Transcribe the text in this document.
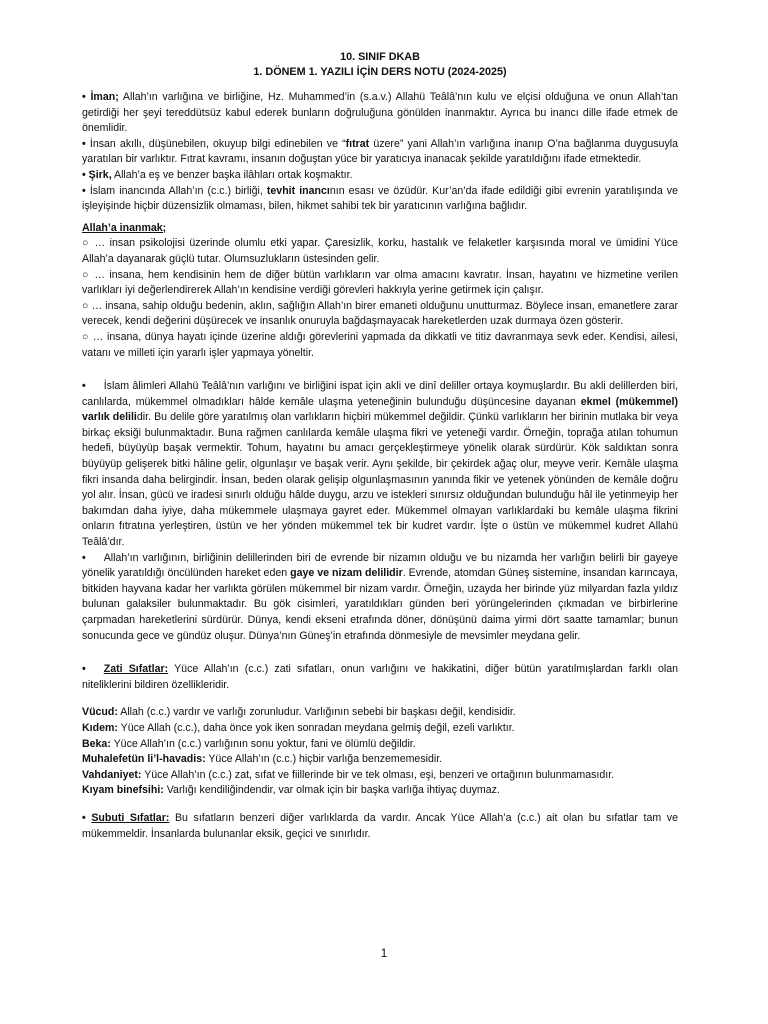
10. SINIF DKAB
1. DÖNEM 1. YAZILI İÇİN DERS NOTU (2024-2025)

• İman; Allah’ın varlığına ve birliğine, Hz. Muhammed’in (s.a.v.) Allahü Teâlâ’nın kulu ve elçisi olduğuna ve onun Allah’tan getirdiği her şeyi tereddütsüz kabul ederek bunların doğruluğuna gönülden inanmaktır. Ayrıca bu inancı dille ifade etmek de önemlidir.

• İnsan akıllı, düşünebilen, okuyup bilgi edinebilen ve “fıtrat üzere” yani Allah’ın varlığına inanıp O’na bağlanma duygusuyla yaratılan bir varlıktır. Fıtrat kavramı, insanın doğuştan yüce bir yaratıcıya inanacak şekilde yaratıldığını ifade etmektedir.

• Şirk, Allah’a eş ve benzer başka ilâhları ortak koşmaktır.

• İslam inancında Allah’ın (c.c.) birliği, tevhit inancının esası ve özüdür. Kur’an’da ifade edildiği gibi evrenin yaratılışında ve işleyişinde hiçbir düzensizlik olmaması, bilen, hikmet sahibi tek bir yaratıcının varlığına bağlıdır.

Allah’a inanmak;

○ … insan psikolojisi üzerinde olumlu etki yapar. Çaresizlik, korku, hastalık ve felaketler karşısında moral ve ümidini Yüce Allah’a dayanarak güçlü tutar. Olumsuzlukların üstesinden gelir.

○ … insana, hem kendisinin hem de diğer bütün varlıkların var olma amacını kavratır. İnsan, hayatını ve hizmetine verilen varlıkları iyi değerlendirerek Allah’ın kendisine verdiği görevleri hakkıyla yerine getirmek için çalışır.

○ … insana, sahip olduğu bedenin, aklın, sağlığın Allah’ın birer emaneti olduğunu unutturmaz. Böylece insan, emanetlere zarar verecek, kendi değerini düşürecek ve insanlık onuruyla bağdaşmayacak hareketlerden uzak durmaya özen gösterir.

○ … insana, dünya hayatı içinde üzerine aldığı görevlerini yapmada da dikkatli ve titiz davranmaya sevk eder. Kendisi, ailesi, vatanı ve milleti için yararlı işler yapmaya yöneltir.

• İslam âlimleri Allahü Teâlâ’nın varlığını ve birliğini ispat için akli ve dinî deliller ortaya koymuşlardır. Bu akli delillerden biri, canlılarda, mükemmel olmadıkları hâlde kemâle ulaşma yeteneğinin bulunduğu düşüncesine dayanan ekmel (mükemmel) varlık delilidir. Bu delile göre yaratılmış olan varlıkların hiçbiri mükemmel değildir. Çünkü varlıkların her birinin mutlaka bir veya birkaç eksiği bulunmaktadır. Buna rağmen canlılarda kemâle ulaşma fikri ve yeteneği vardır. Örneğin, toprağa atılan tohumun hedefi, büyüyüp başak vermektir. Tohum, hayatını bu amacı gerçekleştirmeye yönelik olarak sürdürür. Kök saldıktan sonra büyüyüp gelişerek bitki hâline gelir, olgunlaşır ve başak verir. Aynı şekilde, bir çekirdek ağaç olur, meyve verir. Kemâle ulaşma fikri insanda daha belirgindir. İnsan, beden olarak gelişip olgunlaşmasının yanında fikir ve yetenek yönünden de kemâle doğru yol alır. İnsan, gücü ve iradesi sınırlı olduğu hâlde duygu, arzu ve istekleri sınırsız olduğundan bulunduğu hâl ile yetinmeyip her bakımdan daha iyiye, daha mükemmele ulaşmaya gayret eder. Mükemmel olmayan varlıklardaki bu kemâle ulaşma fikrini onların fıtratına yerleştiren, üstün ve her yönden mükemmel tek bir kudret vardır. İşte o üstün ve mükemmel kudret Allahü Teâlâ’dır.

• Allah’ın varlığının, birliğinin delillerinden biri de evrende bir nizamın olduğu ve bu nizamda her varlığın belirli bir gayeye yönelik yaratıldığı öncülünden hareket eden gaye ve nizam delilidir. Evrende, atomdan Güneş sistemine, insandan karıncaya, bitkiden hayvana kadar her varlıkta görülen mükemmel bir nizam vardır. Örneğin, uzayda her birinde yüz milyardan fazla yıldız bulunan galaksiler bulunmaktadır. Bu gök cisimleri, yaratıldıkları günden beri yörüngelerinden çıkmadan ve birbirlerine çarpmadan hareketlerini sürdürür. Dünya, kendi ekseni etrafında döner, dönüşünü daima yirmi dört saatte tamamlar; bunun sonucunda gece ve gündüz oluşur. Dünya’nın Güneş’in etrafında dönmesiyle de mevsimler meydana gelir.

• Zati Sıfatlar: Yüce Allah’ın (c.c.) zati sıfatları, onun varlığını ve hakikatini, diğer bütün yaratılmışlardan farklı olan niteliklerini bildiren özellikleridir.

Vücud: Allah (c.c.) vardır ve varlığı zorunludur. Varlığının sebebi bir başkası değil, kendisidir.

Kıdem: Yüce Allah (c.c.), daha önce yok iken sonradan meydana gelmiş değil, ezeli varlıktır.

Beka: Yüce Allah’ın (c.c.) varlığının sonu yoktur, fani ve ölümlü değildir.

Muhalefetün li’l-havadis: Yüce Allah’ın (c.c.) hiçbir varlığa benzememesidir.

Vahdaniyet: Yüce Allah’ın (c.c.) zat, sıfat ve fiillerinde bir ve tek olması, eşi, benzeri ve ortağının bulunmamasıdır.

Kıyam binefsihi: Varlığı kendiliğindendir, var olmak için bir başka varlığa ihtiyaç duymaz.

• Subuti Sıfatlar: Bu sıfatların benzeri diğer varlıklarda da vardır. Ancak Yüce Allah’a (c.c.) ait olan bu sıfatlar tam ve mükemmeldir. İnsanlarda bulunanlar eksik, geçici ve sınırlıdır.

1
